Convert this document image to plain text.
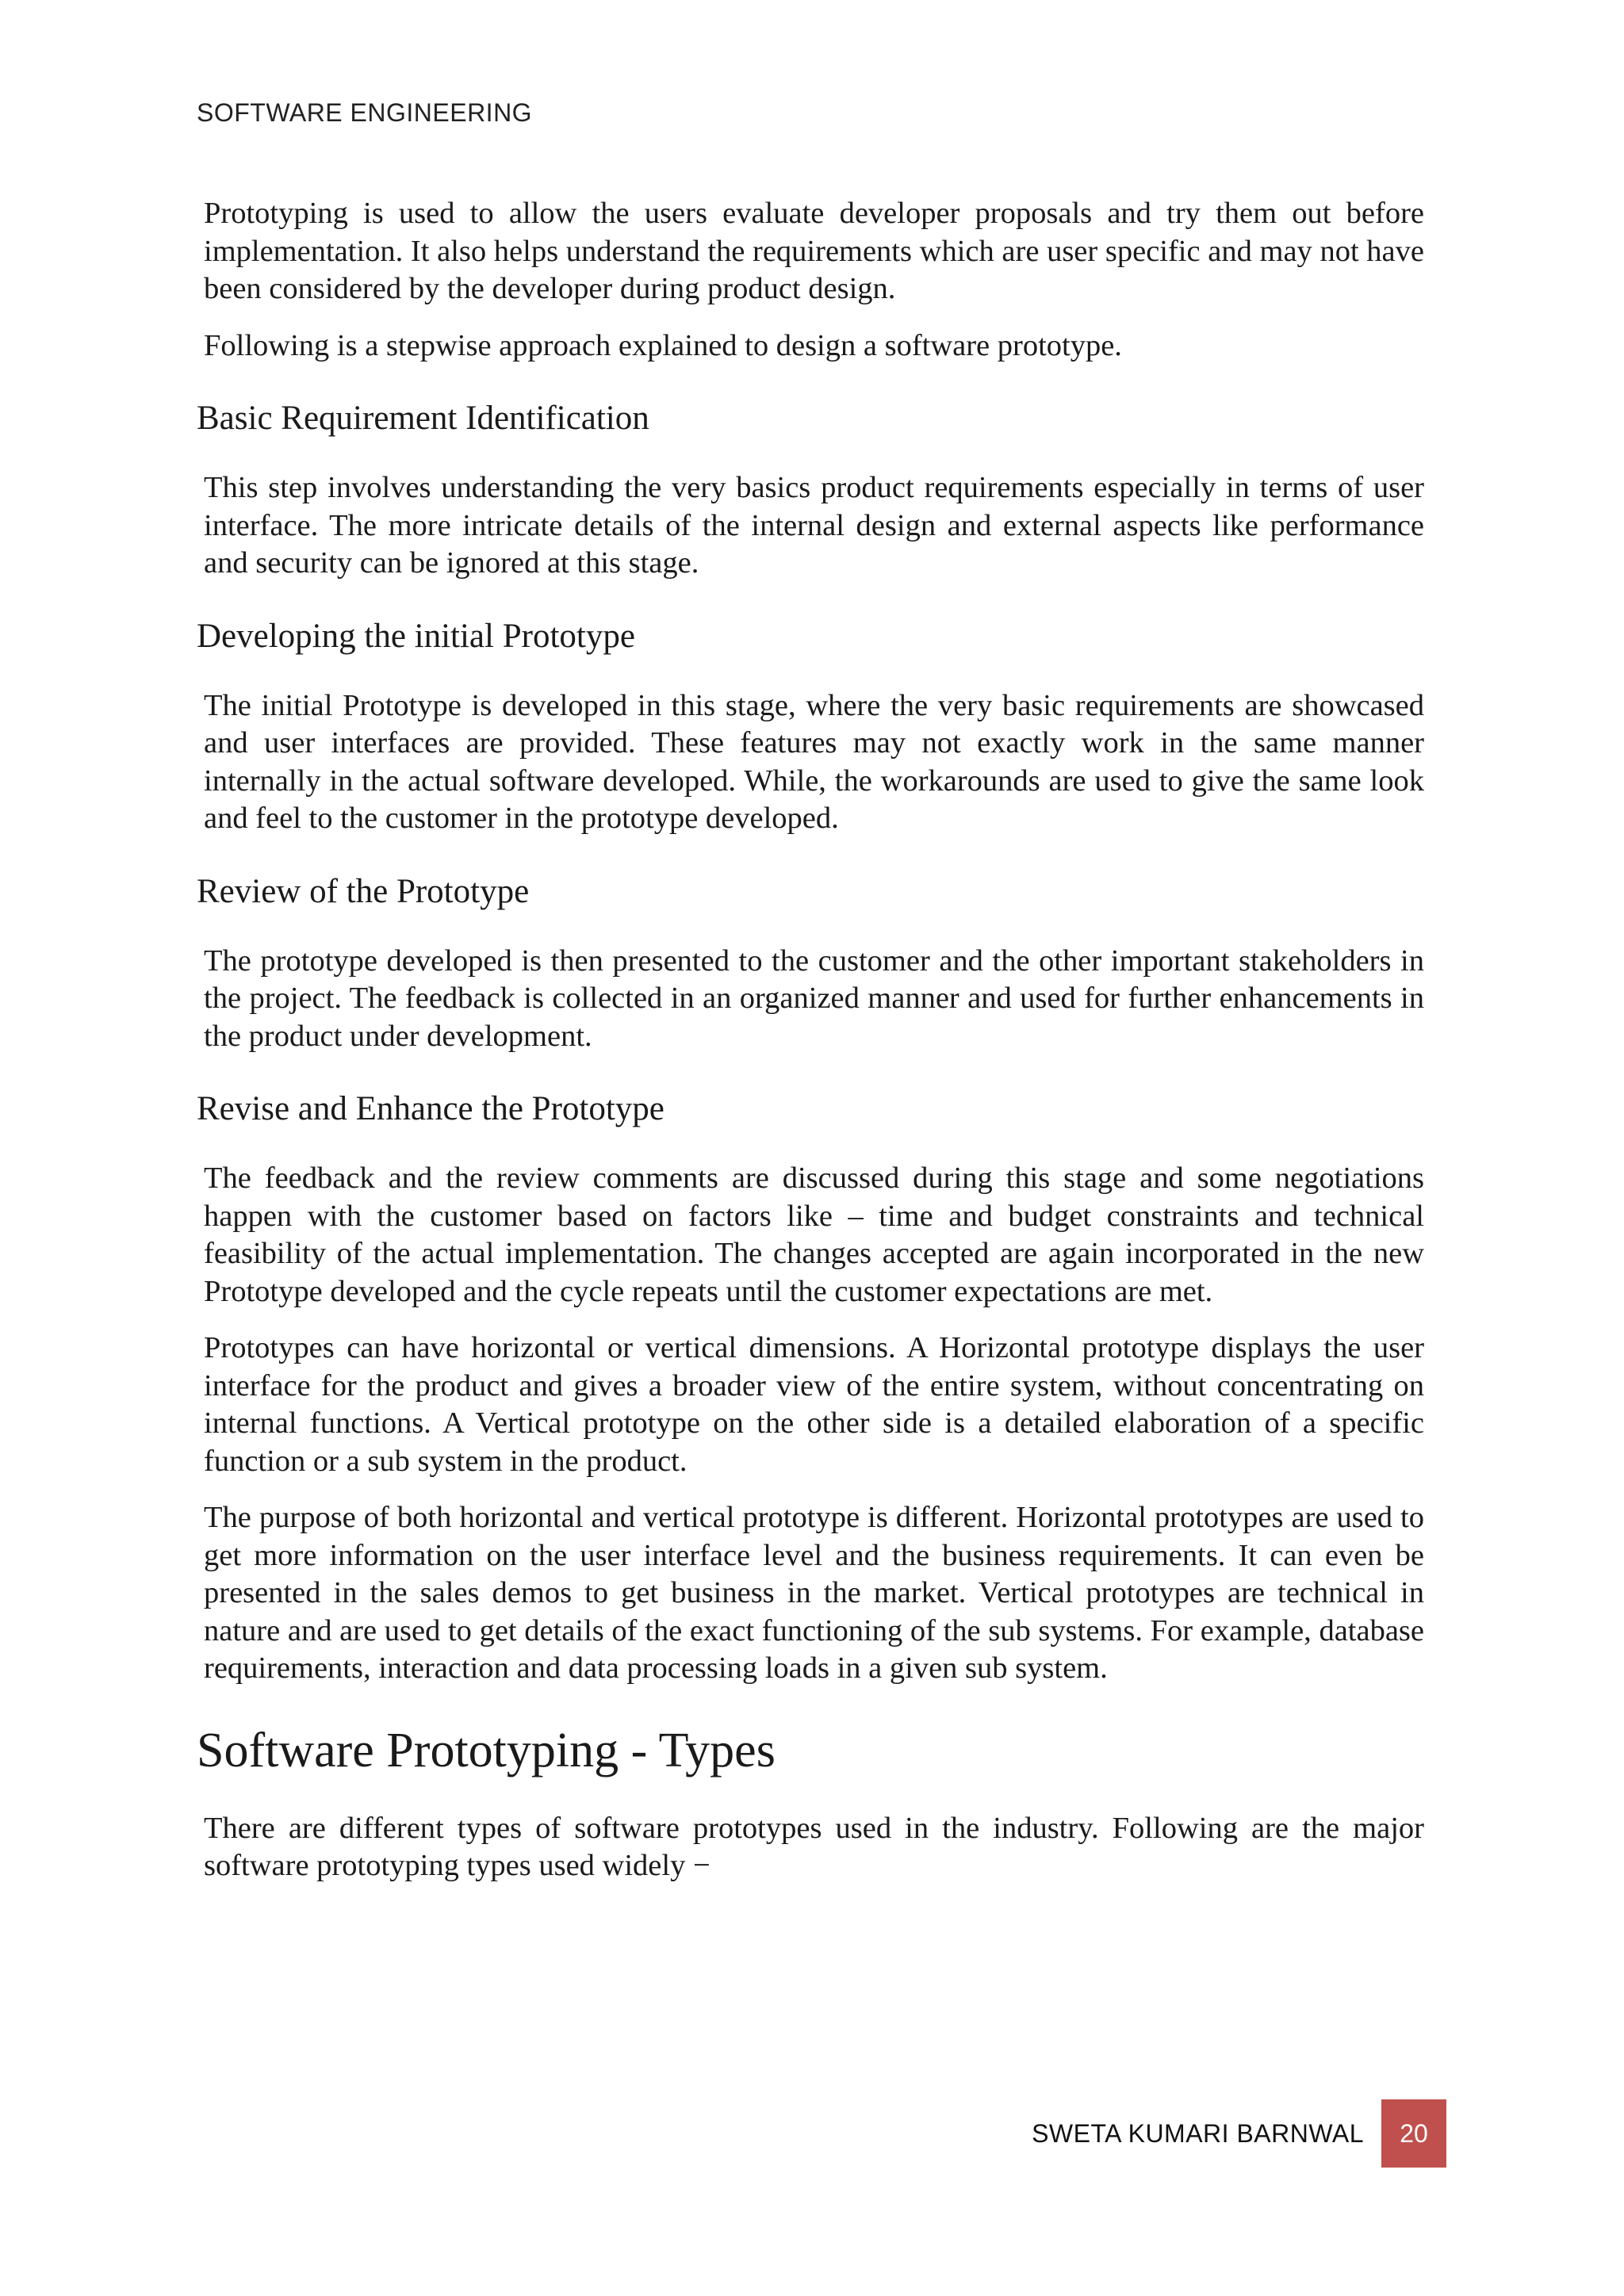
SOFTWARE ENGINEERING

Prototyping is used to allow the users evaluate developer proposals and try them out before implementation. It also helps understand the requirements which are user specific and may not have been considered by the developer during product design.

Following is a stepwise approach explained to design a software prototype.

Basic Requirement Identification

This step involves understanding the very basics product requirements especially in terms of user interface. The more intricate details of the internal design and external aspects like performance and security can be ignored at this stage.

Developing the initial Prototype

The initial Prototype is developed in this stage, where the very basic requirements are showcased and user interfaces are provided. These features may not exactly work in the same manner internally in the actual software developed. While, the workarounds are used to give the same look and feel to the customer in the prototype developed.

Review of the Prototype

The prototype developed is then presented to the customer and the other important stakeholders in the project. The feedback is collected in an organized manner and used for further enhancements in the product under development.

Revise and Enhance the Prototype

The feedback and the review comments are discussed during this stage and some negotiations happen with the customer based on factors like – time and budget constraints and technical feasibility of the actual implementation. The changes accepted are again incorporated in the new Prototype developed and the cycle repeats until the customer expectations are met.

Prototypes can have horizontal or vertical dimensions. A Horizontal prototype displays the user interface for the product and gives a broader view of the entire system, without concentrating on internal functions. A Vertical prototype on the other side is a detailed elaboration of a specific function or a sub system in the product.

The purpose of both horizontal and vertical prototype is different. Horizontal prototypes are used to get more information on the user interface level and the business requirements. It can even be presented in the sales demos to get business in the market. Vertical prototypes are technical in nature and are used to get details of the exact functioning of the sub systems. For example, database requirements, interaction and data processing loads in a given sub system.

Software Prototyping - Types

There are different types of software prototypes used in the industry. Following are the major software prototyping types used widely −

SWETA KUMARI BARNWAL	20
